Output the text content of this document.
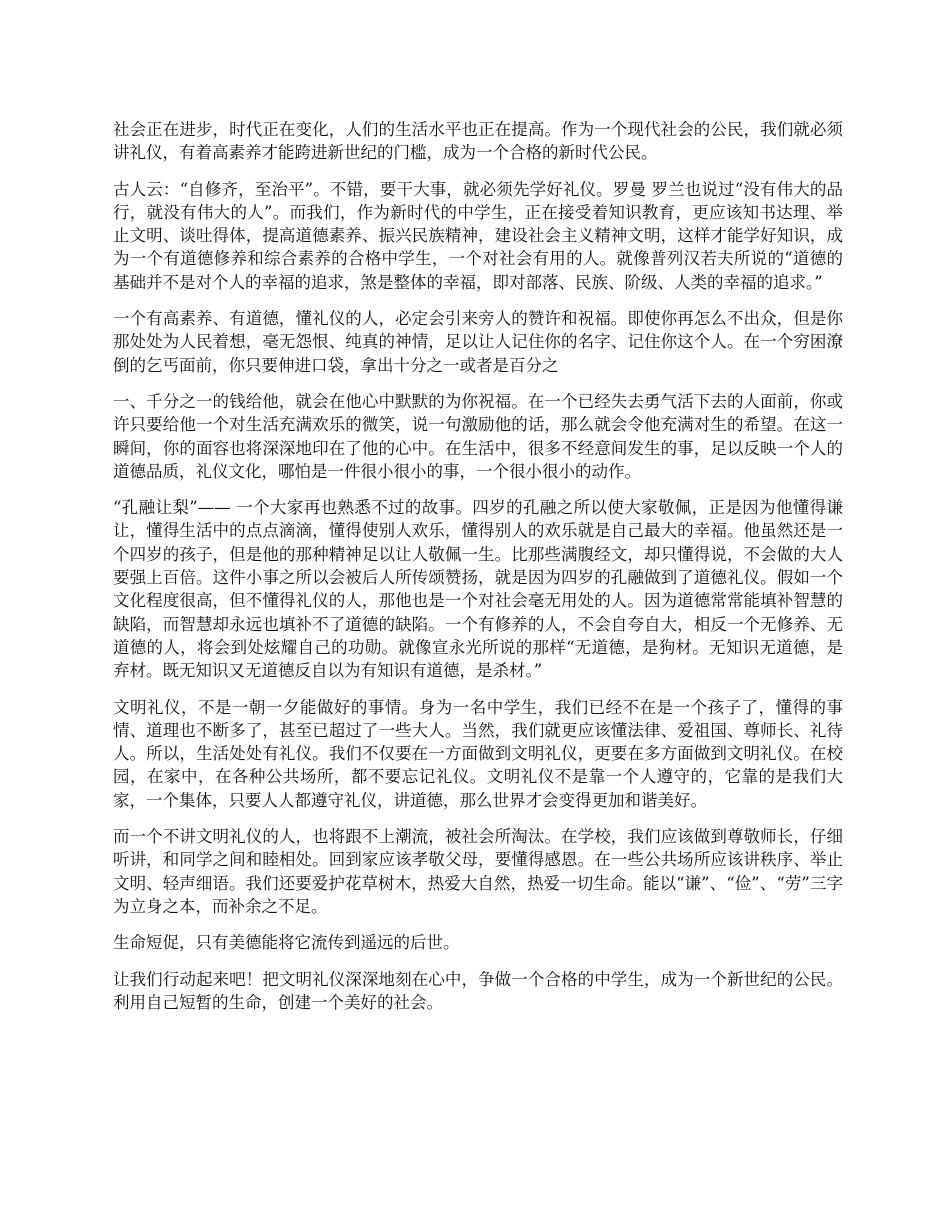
社会正在进步，时代正在变化，人们的生活水平也正在提高。作为一个现代社会的公民，我们就必须讲礼仪，有着高素养才能跨进新世纪的门槛，成为一个合格的新时代公民。

古人云：“自修齐，至治平”。不错，要干大事，就必须先学好礼仪。罗曼 罗兰也说过“没有伟大的品行，就没有伟大的人”。而我们，作为新时代的中学生，正在接受着知识教育，更应该知书达理、举止文明、谈吐得体，提高道德素养、振兴民族精神，建设社会主义精神文明，这样才能学好知识，成为一个有道德修养和综合素养的合格中学生，一个对社会有用的人。就像普列汉若夫所说的“道德的基础并不是对个人的幸福的追求，煞是整体的幸福，即对部落、民族、阶级、人类的幸福的追求。”

一个有高素养、有道德，懂礼仪的人，必定会引来旁人的赞许和祝福。即使你再怎么不出众，但是你那处处为人民着想，毫无怨恨、纯真的神情，足以让人记住你的名字、记住你这个人。在一个穷困潦倒的乞丐面前，你只要伸进口袋，拿出十分之一或者是百分之

一、千分之一的钱给他，就会在他心中默默的为你祝福。在一个已经失去勇气活下去的人面前，你或许只要给他一个对生活充满欢乐的微笑，说一句激励他的话，那么就会令他充满对生的希望。在这一瞬间，你的面容也将深深地印在了他的心中。在生活中，很多不经意间发生的事，足以反映一个人的道德品质，礼仪文化，哪怕是一件很小很小的事，一个很小很小的动作。

“孔融让梨”—— 一个大家再也熟悉不过的故事。四岁的孔融之所以使大家敬佩，正是因为他懂得谦让，懂得生活中的点点滴滴，懂得使别人欢乐，懂得别人的欢乐就是自己最大的幸福。他虽然还是一个四岁的孩子，但是他的那种精神足以让人敬佩一生。比那些满腹经文，却只懂得说，不会做的大人要强上百倍。这件小事之所以会被后人所传颂赞扬，就是因为四岁的孔融做到了道德礼仪。假如一个文化程度很高，但不懂得礼仪的人，那他也是一个对社会毫无用处的人。因为道德常常能填补智慧的缺陷，而智慧却永远也填补不了道德的缺陷。一个有修养的人，不会自夸自大，相反一个无修养、无道德的人，将会到处炫耀自己的功勋。就像宣永光所说的那样“无道德，是狗材。无知识无道德，是弃材。既无知识又无道德反自以为有知识有道德，是杀材。”

文明礼仪，不是一朝一夕能做好的事情。身为一名中学生，我们已经不在是一个孩子了，懂得的事情、道理也不断多了，甚至已超过了一些大人。当然，我们就更应该懂法律、爱祖国、尊师长、礼待人。所以，生活处处有礼仪。我们不仅要在一方面做到文明礼仪，更要在多方面做到文明礼仪。在校园，在家中，在各种公共场所，都不要忘记礼仪。文明礼仪不是靠一个人遵守的，它靠的是我们大家，一个集体，只要人人都遵守礼仪，讲道德，那么世界才会变得更加和谐美好。

而一个不讲文明礼仪的人，也将跟不上潮流，被社会所淘汰。在学校，我们应该做到尊敬师长，仔细听讲，和同学之间和睦相处。回到家应该孝敬父母，要懂得感恩。在一些公共场所应该讲秩序、举止文明、轻声细语。我们还要爱护花草树木，热爱大自然，热爱一切生命。能以“谦”、“俭”、“劳”三字为立身之本，而补余之不足。

生命短促，只有美德能将它流传到遥远的后世。

让我们行动起来吧！把文明礼仪深深地刻在心中，争做一个合格的中学生，成为一个新世纪的公民。利用自己短暂的生命，创建一个美好的社会。
